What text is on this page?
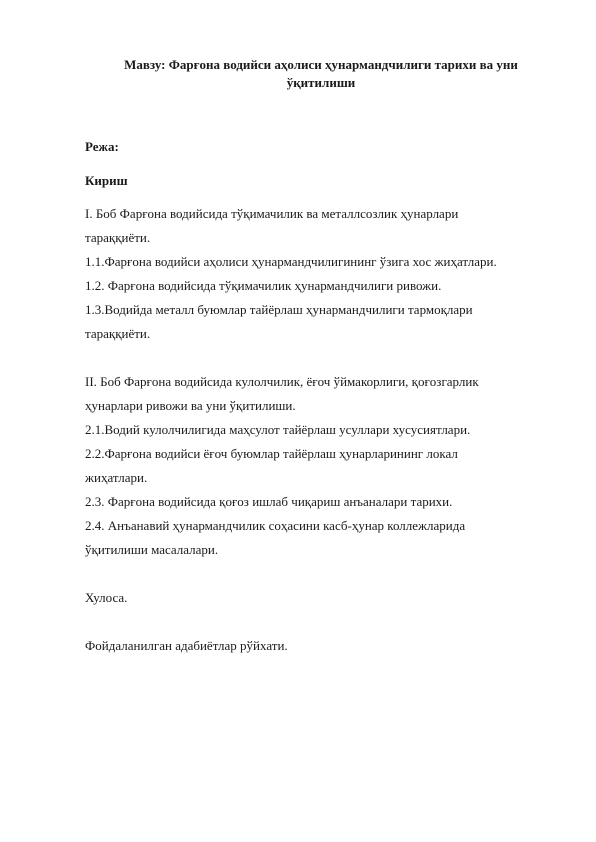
Мавзу: Фарғона водийси аҳолиси ҳунармандчилиги тарихи ва уни ўқитилиши
Режа:
Кириш
I. Боб Фарғона водийсида тўқимачилик ва металлсозлик ҳунарлари
тараққиёти.
1.1.Фарғона водийси аҳолиси ҳунармандчилигининг ўзига хос жиҳатлари.
1.2. Фарғона водийсида тўқимачилик ҳунармандчилиги ривожи.
1.3.Водийда металл буюмлар тайёрлаш ҳунармандчилиги тармоқлари
тараққиёти.
II. Боб Фарғона водийсида кулолчилик, ёғоч ўймакорлиги, қоғозгарлик
ҳунарлари ривожи ва уни ўқитилиши.
2.1.Водий кулолчилигида маҳсулот тайёрлаш усуллари хусусиятлари.
2.2.Фарғона водийси ёғоч буюмлар тайёрлаш ҳунарларининг локал
жиҳатлари.
2.3. Фарғона водийсида қоғоз ишлаб чиқариш анъаналари тарихи.
2.4. Анъанавий ҳунармандчилик соҳасини касб-ҳунар коллежларида
ўқитилиши масалалари.
Хулоса.
Фойдаланилган адабиётлар рўйхати.
